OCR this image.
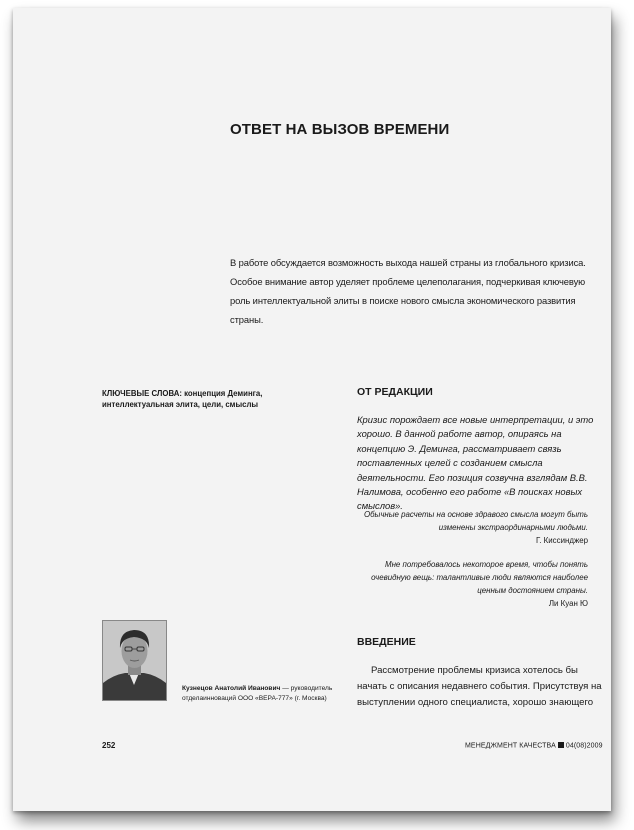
ОТВЕТ НА ВЫЗОВ ВРЕМЕНИ
В работе обсуждается возможность выхода нашей страны из глобального кризиса. Особое внимание автор уделяет проблеме целеполагания, подчеркивая ключевую роль интеллектуальной элиты в поиске нового смысла экономического развития страны.
КЛЮЧЕВЫЕ СЛОВА: концепция Деминга, интеллектуальная элита, цели, смыслы
ОТ РЕДАКЦИИ
Кризис порождает все новые интерпретации, и это хорошо. В данной работе автор, опираясь на концепцию Э. Деминга, рассматривает связь поставленных целей с созданием смысла деятельности. Его позиция созвучна взглядам В.В. Налимова, особенно его работе «В поисках новых смыслов».
Обычные расчеты на основе здравого смысла могут быть изменены экстраординарными людьми.
Г. Киссинджер
Мне потребовалось некоторое время, чтобы понять очевидную вещь: талантливые люди являются наиболее ценным достоянием страны.
Ли Куан Ю
Кузнецов Анатолий Иванович — руководитель отделаинноваций ООО «ВЕРА-777» (г. Москва)
ВВЕДЕНИЕ
Рассмотрение проблемы кризиса хотелось бы начать с описания недавнего события. Присутствуя на выступлении одного специалиста, хорошо знающего
252	МЕНЕДЖМЕНТ КАЧЕСТВА 04(08)2009
